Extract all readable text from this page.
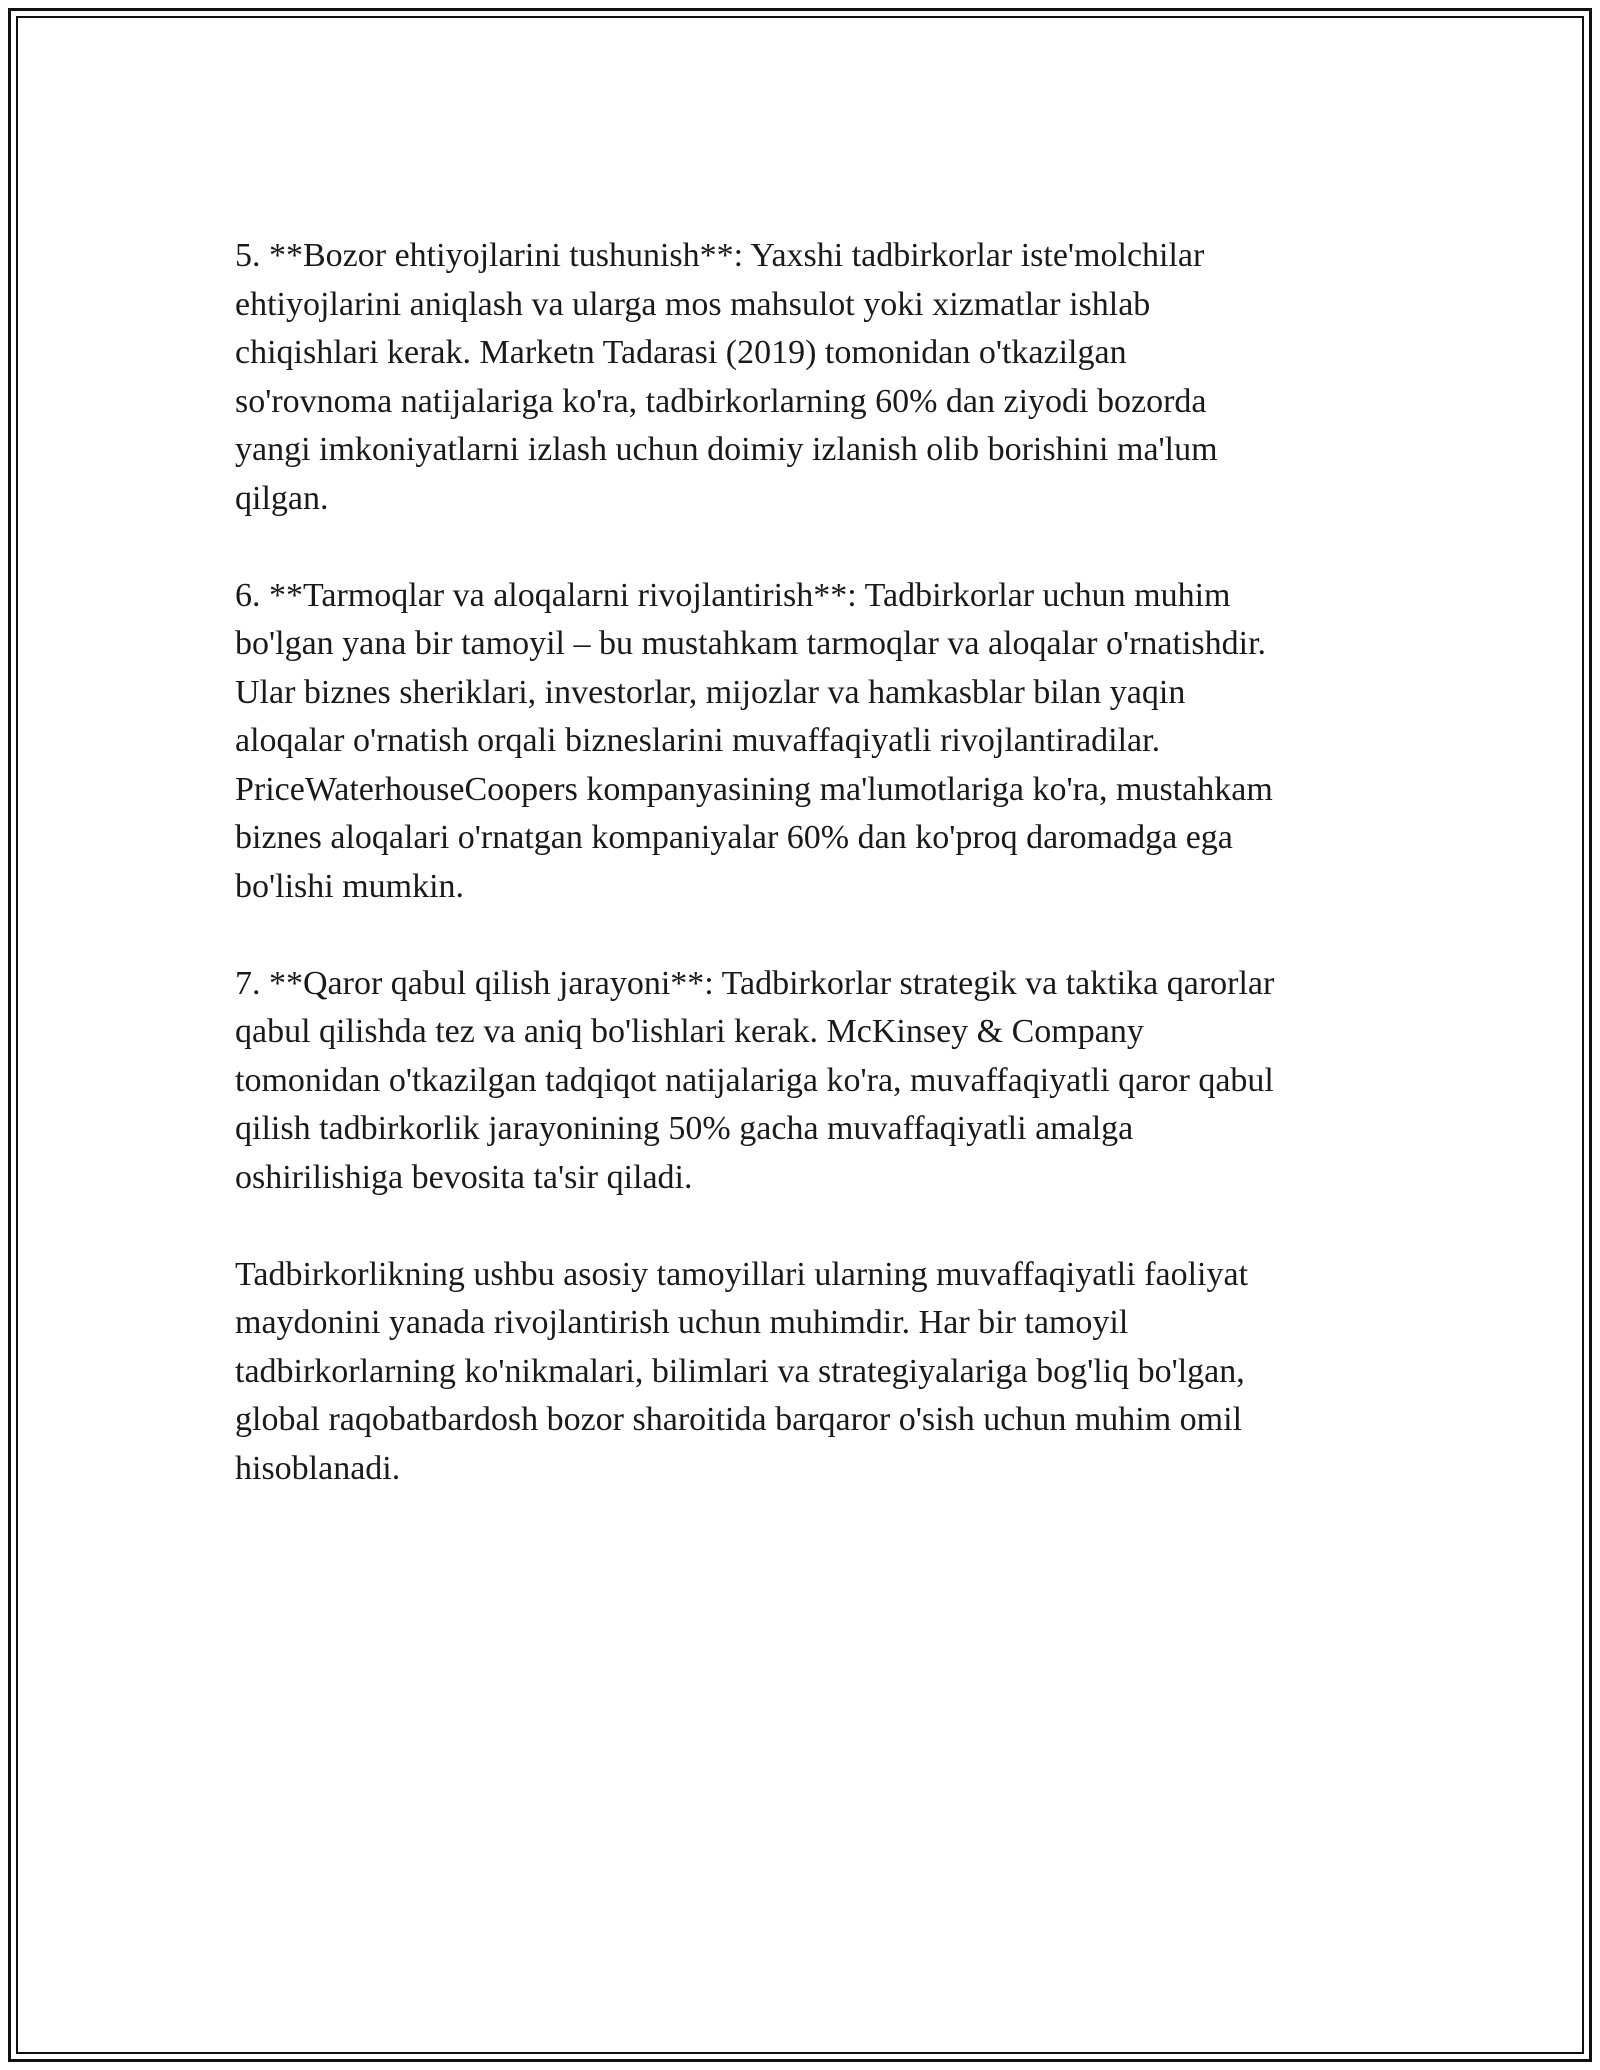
5. **Bozor ehtiyojlarini tushunish**: Yaxshi tadbirkorlar iste'molchilar
ehtiyojlarini aniqlash va ularga mos mahsulot yoki xizmatlar ishlab
chiqishlari kerak. Marketn Tadarasi (2019) tomonidan o'tkazilgan
so'rovnoma natijalariga ko'ra, tadbirkorlarning 60% dan ziyodi bozorda
yangi imkoniyatlarni izlash uchun doimiy izlanish olib borishini ma'lum
qilgan.

6. **Tarmoqlar va aloqalarni rivojlantirish**: Tadbirkorlar uchun muhim
bo'lgan yana bir tamoyil – bu mustahkam tarmoqlar va aloqalar o'rnatishdir.
Ular biznes sheriklari, investorlar, mijozlar va hamkasblar bilan yaqin
aloqalar o'rnatish orqali bizneslarini muvaffaqiyatli rivojlantiradilar.
PriceWaterhouseCoopers kompanyasining ma'lumotlariga ko'ra, mustahkam
biznes aloqalari o'rnatgan kompaniyalar 60% dan ko'proq daromadga ega
bo'lishi mumkin.

7. **Qaror qabul qilish jarayoni**: Tadbirkorlar strategik va taktika qarorlar
qabul qilishda tez va aniq bo'lishlari kerak. McKinsey & Company
tomonidan o'tkazilgan tadqiqot natijalariga ko'ra, muvaffaqiyatli qaror qabul
qilish tadbirkorlik jarayonining 50% gacha muvaffaqiyatli amalga
oshirilishiga bevosita ta'sir qiladi.

Tadbirkorlikning ushbu asosiy tamoyillari ularning muvaffaqiyatli faoliyat
maydonini yanada rivojlantirish uchun muhimdir. Har bir tamoyil
tadbirkorlarning ko'nikmalari, bilimlari va strategiyalariga bog'liq bo'lgan,
global raqobatbardosh bozor sharoitida barqaror o'sish uchun muhim omil
hisoblanadi.
